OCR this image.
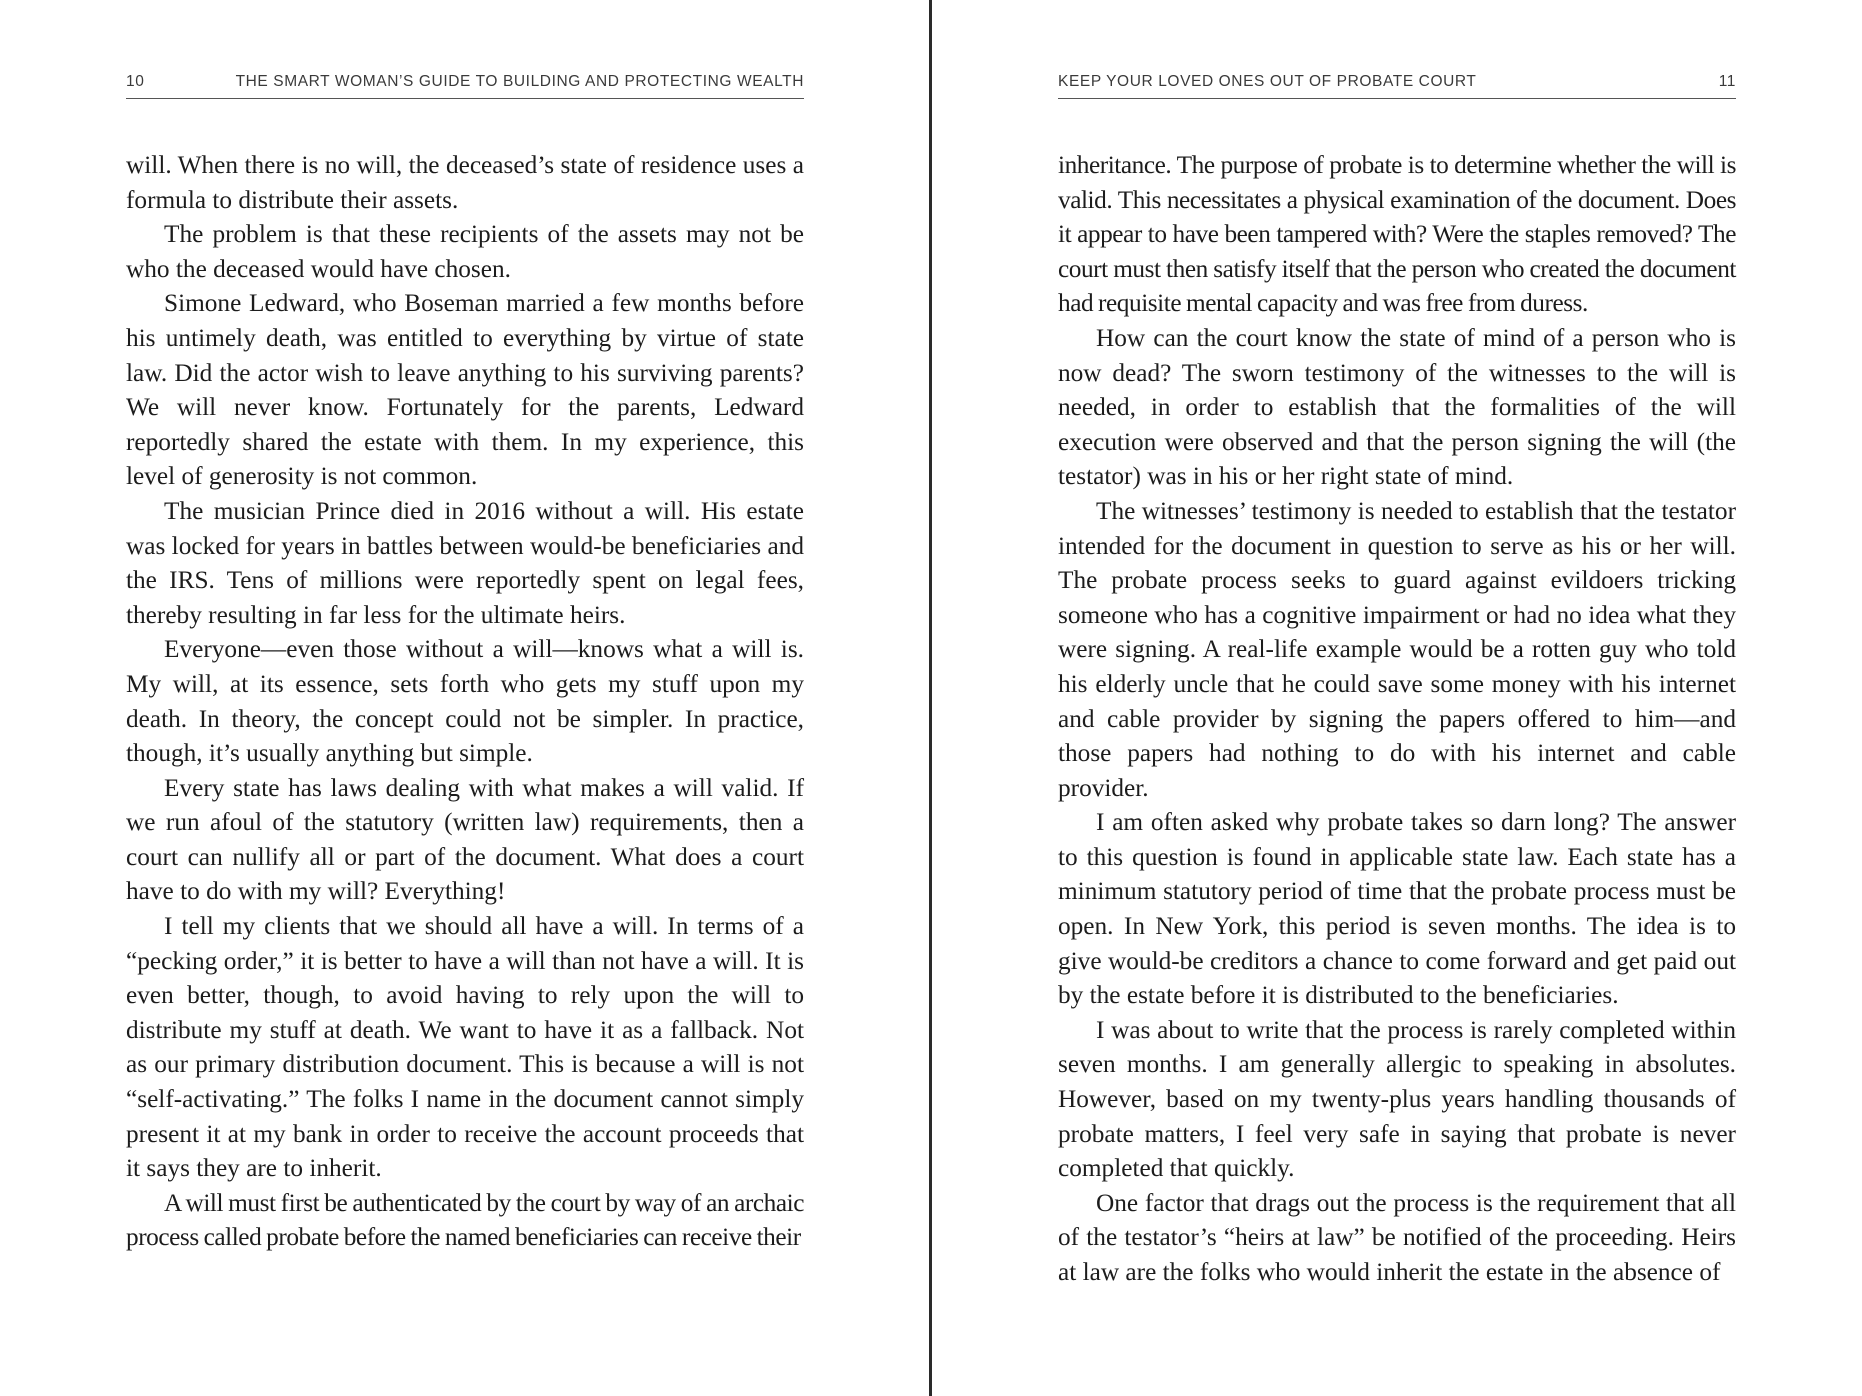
10	THE SMART WOMAN’S GUIDE TO BUILDING AND PROTECTING WEALTH

will. When there is no will, the deceased’s state of residence uses a formula to distribute their assets.

The problem is that these recipients of the assets may not be who the deceased would have chosen.

Simone Ledward, who Boseman married a few months before his untimely death, was entitled to everything by virtue of state law. Did the actor wish to leave anything to his surviving parents? We will never know. Fortunately for the parents, Ledward reportedly shared the estate with them. In my experience, this level of generosity is not common.

The musician Prince died in 2016 without a will. His estate was locked for years in battles between would-be beneficiaries and the IRS. Tens of millions were reportedly spent on legal fees, thereby resulting in far less for the ultimate heirs.

Everyone—even those without a will—knows what a will is. My will, at its essence, sets forth who gets my stuff upon my death. In theory, the concept could not be simpler. In practice, though, it’s usually anything but simple.

Every state has laws dealing with what makes a will valid. If we run afoul of the statutory (written law) requirements, then a court can nullify all or part of the document. What does a court have to do with my will? Everything!

I tell my clients that we should all have a will. In terms of a “pecking order,” it is better to have a will than not have a will. It is even better, though, to avoid having to rely upon the will to distribute my stuff at death. We want to have it as a fallback. Not as our primary distribution document. This is because a will is not “self-activating.” The folks I name in the document cannot simply present it at my bank in order to receive the account proceeds that it says they are to inherit.

A will must first be authenticated by the court by way of an archaic process called probate before the named beneficiaries can receive their

KEEP YOUR LOVED ONES OUT OF PROBATE COURT	11

inheritance. The purpose of probate is to determine whether the will is valid. This necessitates a physical examination of the document. Does it appear to have been tampered with? Were the staples removed? The court must then satisfy itself that the person who created the document had requisite mental capacity and was free from duress.

How can the court know the state of mind of a person who is now dead? The sworn testimony of the witnesses to the will is needed, in order to establish that the formalities of the will execution were observed and that the person signing the will (the testator) was in his or her right state of mind.

The witnesses’ testimony is needed to establish that the testator intended for the document in question to serve as his or her will. The probate process seeks to guard against evildoers tricking someone who has a cognitive impairment or had no idea what they were signing. A real-life example would be a rotten guy who told his elderly uncle that he could save some money with his internet and cable provider by signing the papers offered to him—and those papers had nothing to do with his internet and cable provider.

I am often asked why probate takes so darn long? The answer to this question is found in applicable state law. Each state has a minimum statutory period of time that the probate process must be open. In New York, this period is seven months. The idea is to give would-be creditors a chance to come forward and get paid out by the estate before it is distributed to the beneficiaries.

I was about to write that the process is rarely completed within seven months. I am generally allergic to speaking in absolutes. However, based on my twenty-plus years handling thousands of probate matters, I feel very safe in saying that probate is never completed that quickly.

One factor that drags out the process is the requirement that all of the testator’s “heirs at law” be notified of the proceeding. Heirs at law are the folks who would inherit the estate in the absence of
